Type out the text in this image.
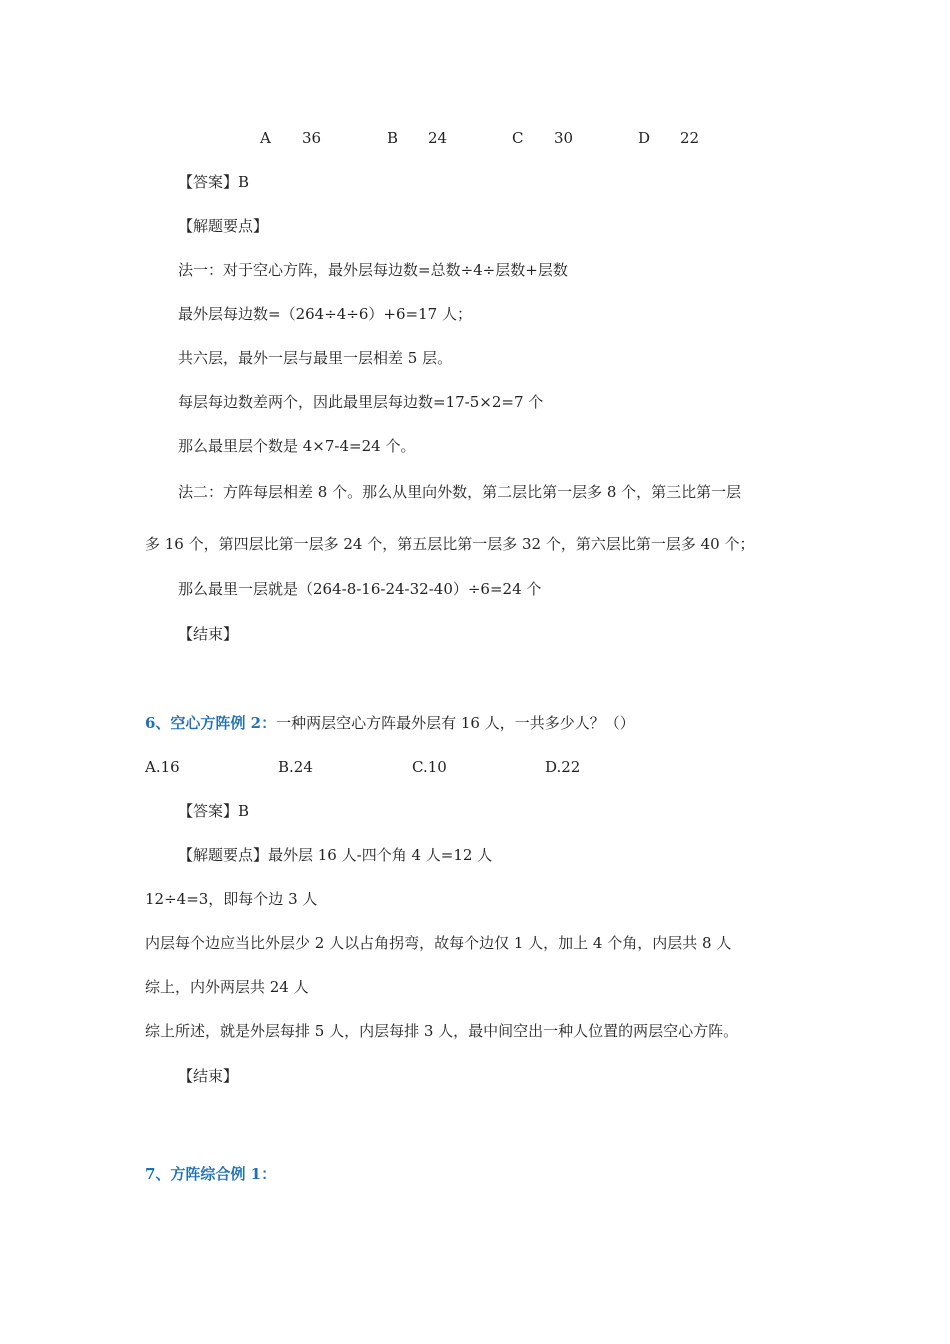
A 36	B 24	C 30	D 22
【答案】B
【解题要点】
法一：对于空心方阵，最外层每边数=总数÷4÷层数+层数
最外层每边数=（264÷4÷6）+6=17 人；
共六层，最外一层与最里一层相差 5 层。
每层每边数差两个，因此最里层每边数=17-5×2=7 个
那么最里层个数是 4×7-4=24 个。
法二：方阵每层相差 8 个。那么从里向外数，第二层比第一层多 8 个，第三比第一层
多 16 个，第四层比第一层多 24 个，第五层比第一层多 32 个，第六层比第一层多 40 个；
那么最里一层就是（264-8-16-24-32-40）÷6=24 个
【结束】
6、空心方阵例 2：一种两层空心方阵最外层有 16 人，一共多少人？（）
A.16	B.24	C.10	D.22
【答案】B
【解题要点】最外层 16 人-四个角 4 人=12 人
12÷4=3，即每个边 3 人
内层每个边应当比外层少 2 人以占角拐弯，故每个边仅 1 人，加上 4 个角，内层共 8 人
综上，内外两层共 24 人
综上所述，就是外层每排 5 人，内层每排 3 人，最中间空出一种人位置的两层空心方阵。
【结束】
7、方阵综合例 1：
